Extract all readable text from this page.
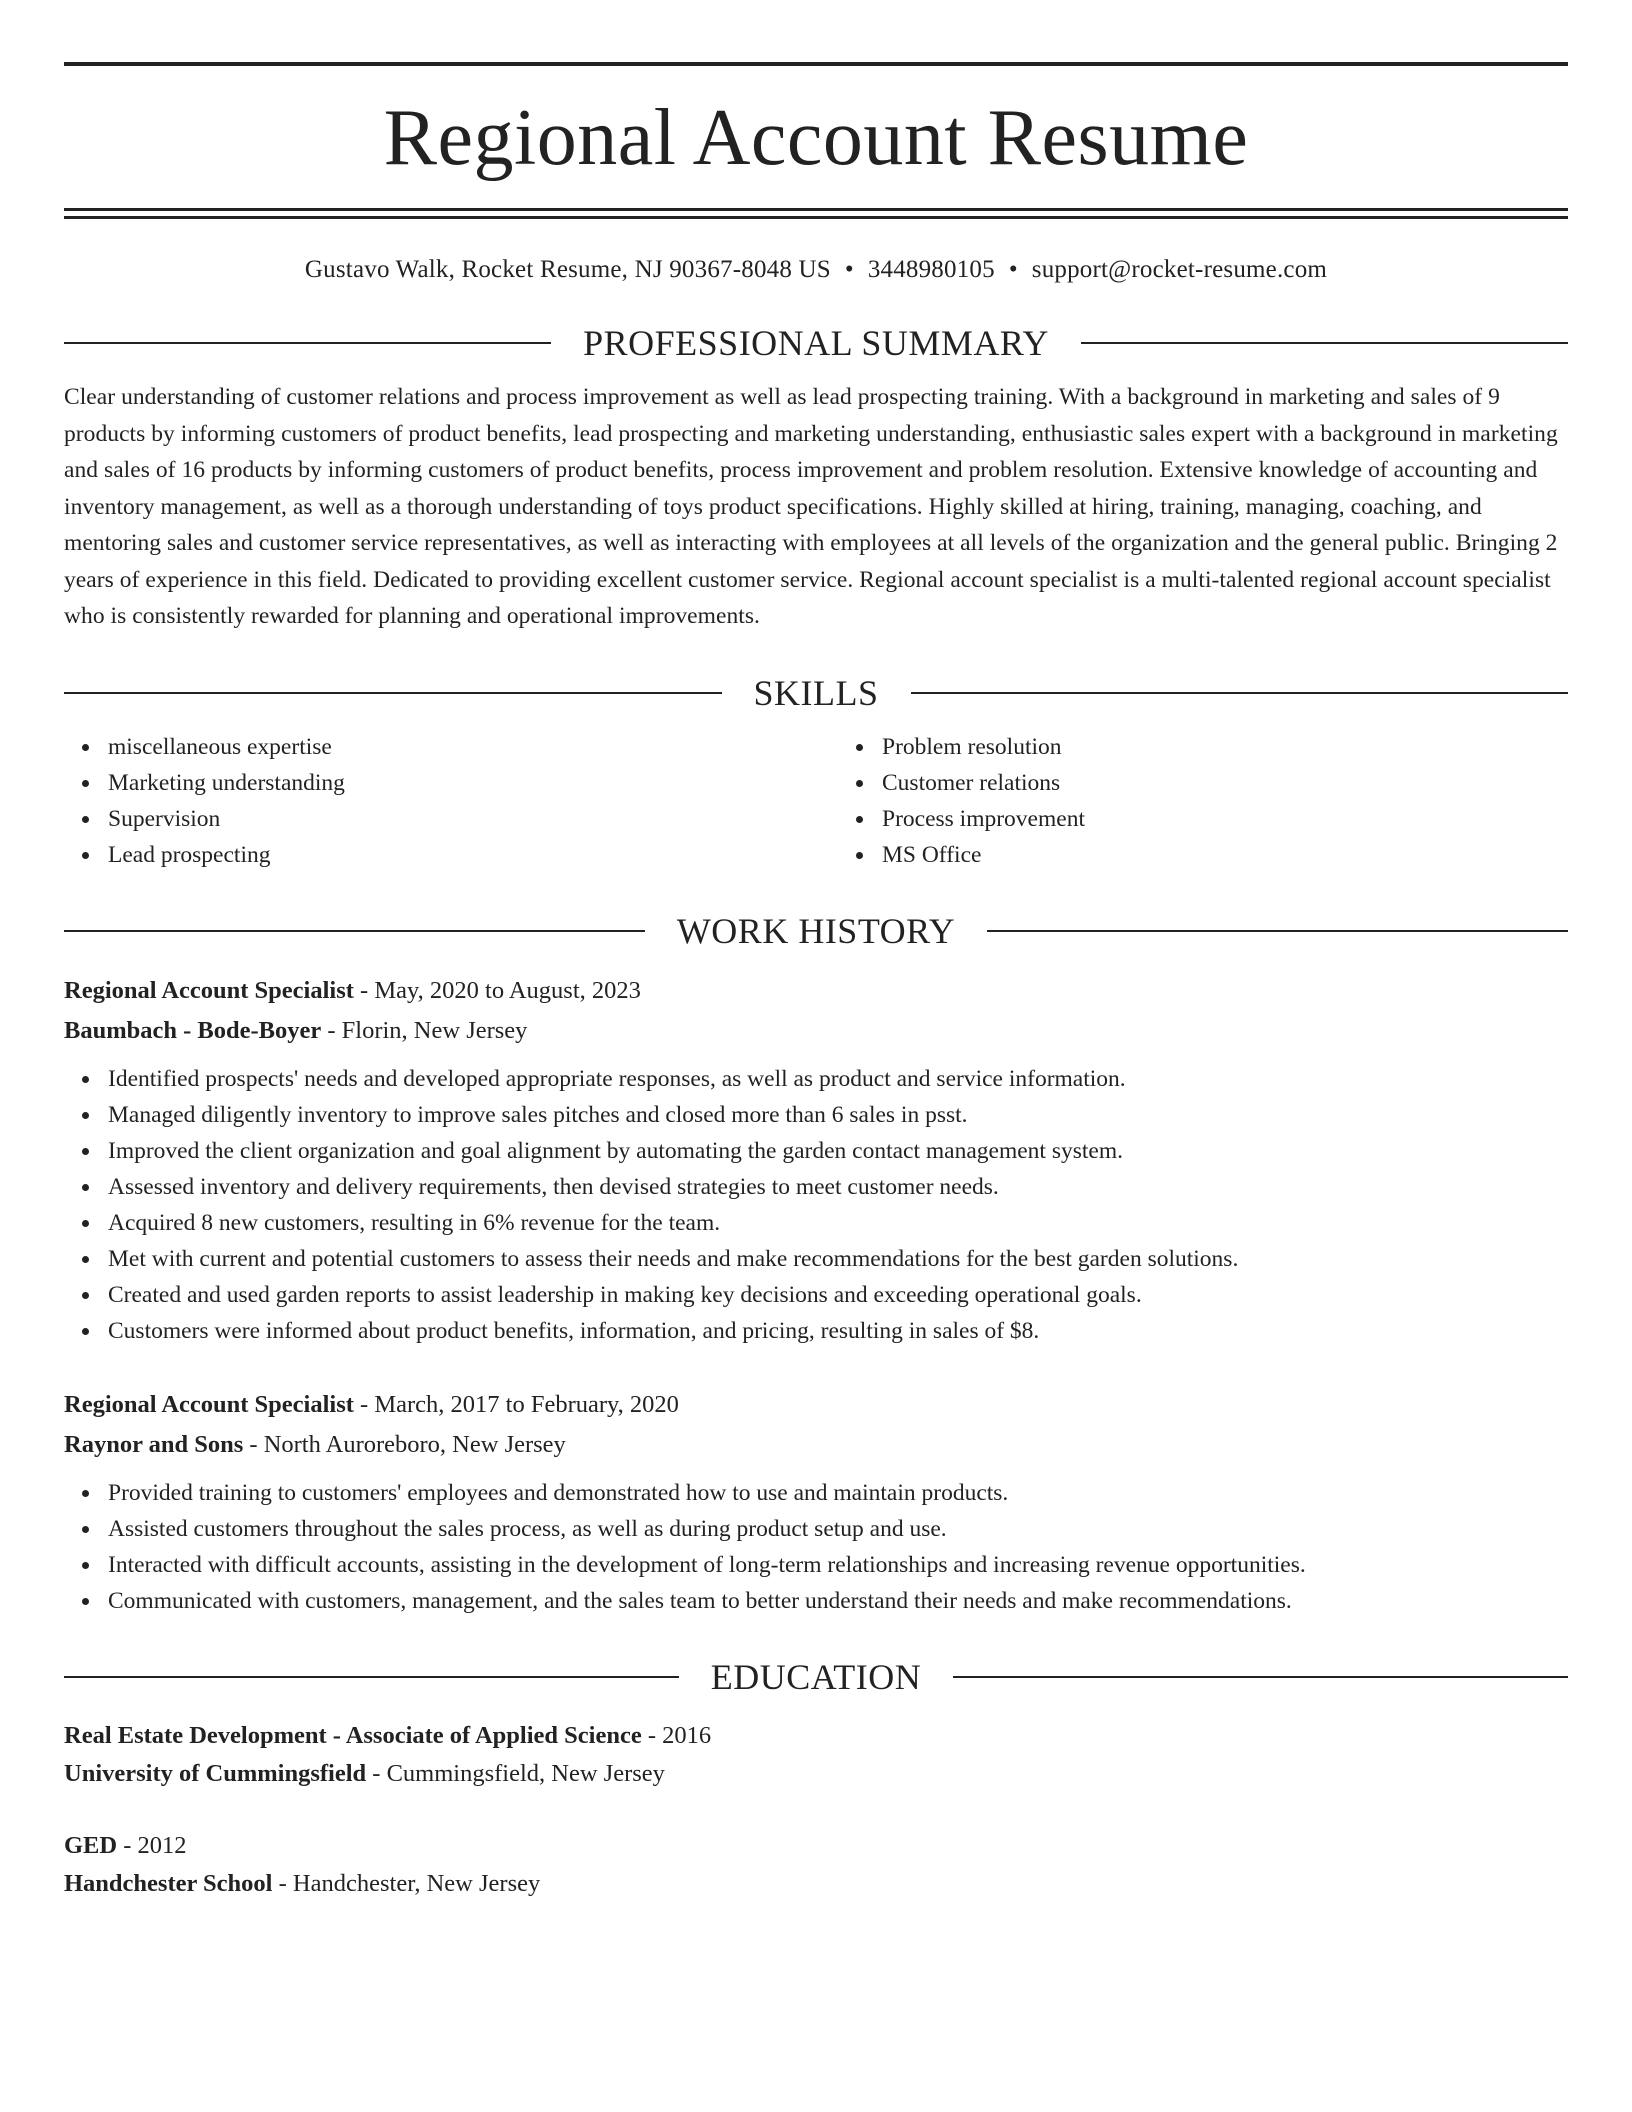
Regional Account Resume
Gustavo Walk, Rocket Resume, NJ 90367-8048 US • 3448980105 • support@rocket-resume.com
PROFESSIONAL SUMMARY

Clear understanding of customer relations and process improvement as well as lead prospecting training. With a background in marketing and sales of 9 products by informing customers of product benefits, lead prospecting and marketing understanding, enthusiastic sales expert with a background in marketing and sales of 16 products by informing customers of product benefits, process improvement and problem resolution. Extensive knowledge of accounting and inventory management, as well as a thorough understanding of toys product specifications. Highly skilled at hiring, training, managing, coaching, and mentoring sales and customer service representatives, as well as interacting with employees at all levels of the organization and the general public. Bringing 2 years of experience in this field. Dedicated to providing excellent customer service. Regional account specialist is a multi-talented regional account specialist who is consistently rewarded for planning and operational improvements.

SKILLS
miscellaneous expertise
Marketing understanding
Supervision
Lead prospecting
Problem resolution
Customer relations
Process improvement
MS Office
WORK HISTORY
Regional Account Specialist - May, 2020 to August, 2023
Baumbach - Bode-Boyer - Florin, New Jersey
Identified prospects' needs and developed appropriate responses, as well as product and service information.
Managed diligently inventory to improve sales pitches and closed more than 6 sales in psst.
Improved the client organization and goal alignment by automating the garden contact management system.
Assessed inventory and delivery requirements, then devised strategies to meet customer needs.
Acquired 8 new customers, resulting in 6% revenue for the team.
Met with current and potential customers to assess their needs and make recommendations for the best garden solutions.
Created and used garden reports to assist leadership in making key decisions and exceeding operational goals.
Customers were informed about product benefits, information, and pricing, resulting in sales of $8.
Regional Account Specialist - March, 2017 to February, 2020
Raynor and Sons - North Auroreboro, New Jersey
Provided training to customers' employees and demonstrated how to use and maintain products.
Assisted customers throughout the sales process, as well as during product setup and use.
Interacted with difficult accounts, assisting in the development of long-term relationships and increasing revenue opportunities.
Communicated with customers, management, and the sales team to better understand their needs and make recommendations.
EDUCATION
Real Estate Development - Associate of Applied Science - 2016
University of Cummingsfield - Cummingsfield, New Jersey
GED - 2012
Handchester School - Handchester, New Jersey
